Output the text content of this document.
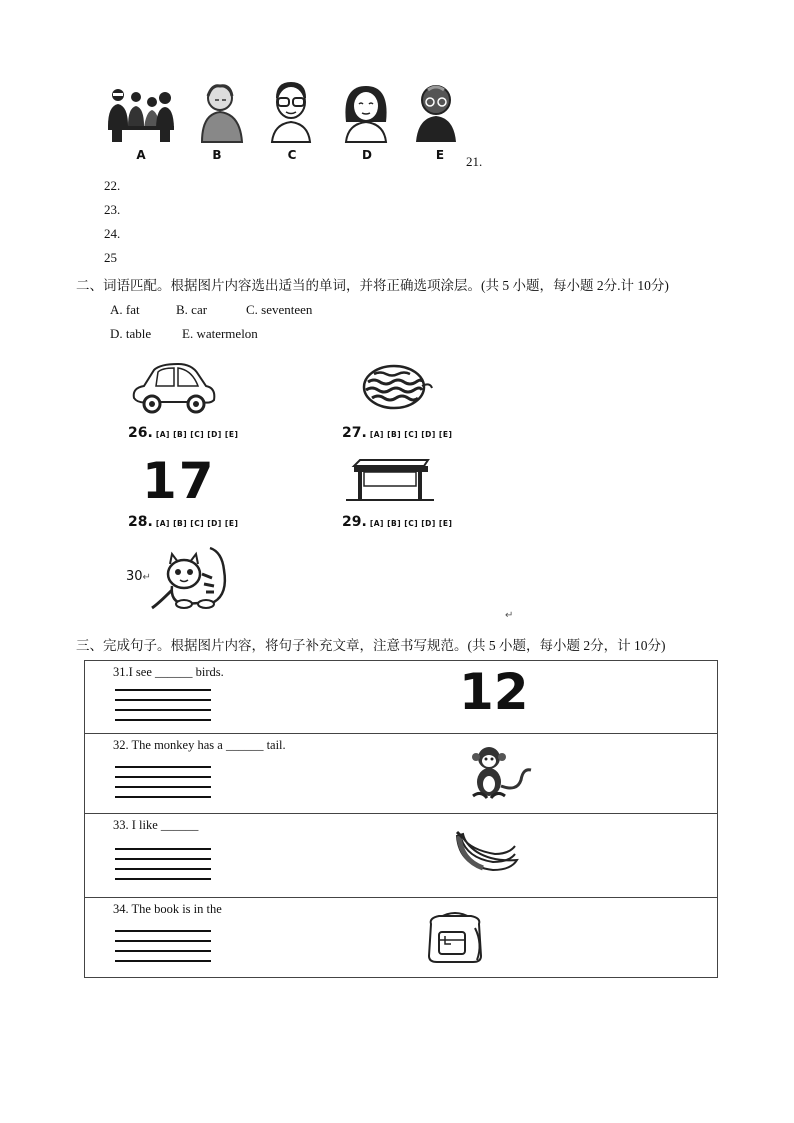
A	B	C	D	E	21.
22.
23.
24.
25
二、词语匹配。根据图片内容选出适当的单词，并将正确选项涂层。(共 5 小题，每小题 2分.计 10分)
A. fat	B. car	C. seventeen
D. table E. watermelon
26. [A] [B] [C] [D] [E]	27. [A] [B] [C] [D] [E]
17
28. [A] [B] [C] [D] [E]	29. [A] [B] [C] [D] [E]
30↵
↵
三、完成句子。根据图片内容，将句子补充文章，注意书写规范。(共 5 小题，每小题 2分，计 10分)
31.I see ______ birds.	12

32. The monkey has a ______ tail.

33. I like ______

34. The book is in the
